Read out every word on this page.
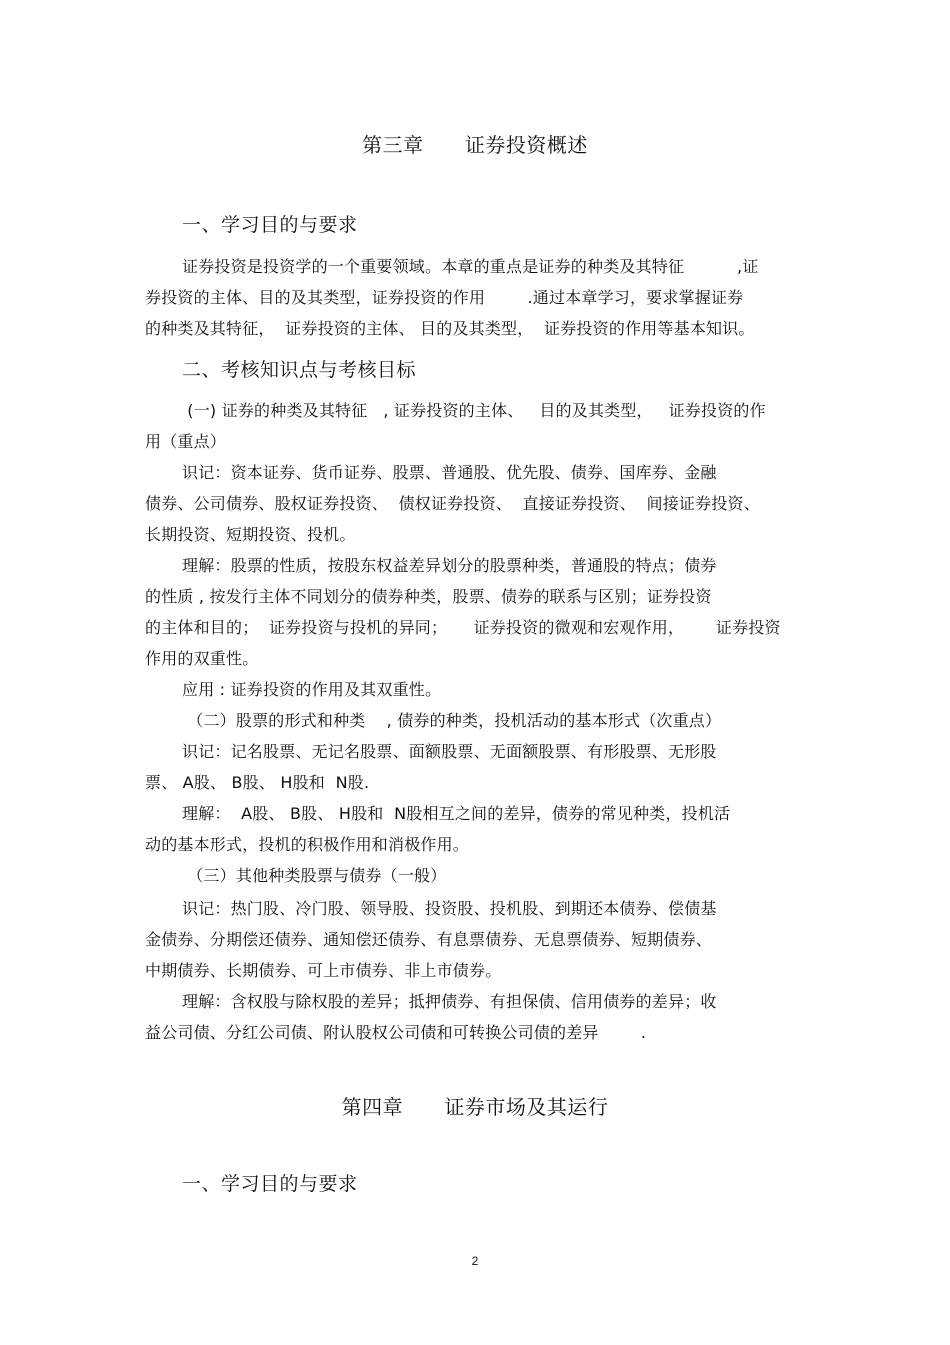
第三章      证券投资概述
一、学习目的与要求
证券投资是投资学的一个重要领域。本章的重点是证券的种类及其特征          ,证
券投资的主体、目的及其类型，证券投资的作用        .通过本章学习，要求掌握证券
的种类及其特征，  证券投资的主体、 目的及其类型，  证券投资的作用等基本知识。
二、考核知识点与考核目标
(一) 证券的种类及其特征   , 证券投资的主体、   目的及其类型，   证券投资的作
用（重点）
识记：资本证券、货币证券、股票、普通股、优先股、债券、国库券、金融
债券、公司债券、股权证券投资、  债权证券投资、  直接证券投资、  间接证券投资、
长期投资、短期投资、投机。
理解：股票的性质，按股东权益差异划分的股票种类，普通股的特点；债券
的性质 , 按发行主体不同划分的债券种类，股票、债券的联系与区别；证券投资
的主体和目的；  证券投资与投机的异同；     证券投资的微观和宏观作用，      证券投资
作用的双重性。
应用 : 证券投资的作用及其双重性。
（二）股票的形式和种类    , 债券的种类，投机活动的基本形式（次重点）
识记：记名股票、无记名股票、面额股票、无面额股票、有形股票、无形股
票、 A股、 B股、 H股和  N股.
理解：  A股、 B股、 H股和  N股相互之间的差异，债券的常见种类，投机活
动的基本形式，投机的积极作用和消极作用。
（三）其他种类股票与债券（一般）
识记：热门股、冷门股、领导股、投资股、投机股、到期还本债券、偿债基
金债券、分期偿还债券、通知偿还债券、有息票债券、无息票债券、短期债券、
中期债券、长期债券、可上市债券、非上市债券。
理解：含权股与除权股的差异；抵押债券、有担保债、信用债券的差异；收
益公司债、分红公司债、附认股权公司债和可转换公司债的差异        .
第四章      证券市场及其运行
一、学习目的与要求
2
